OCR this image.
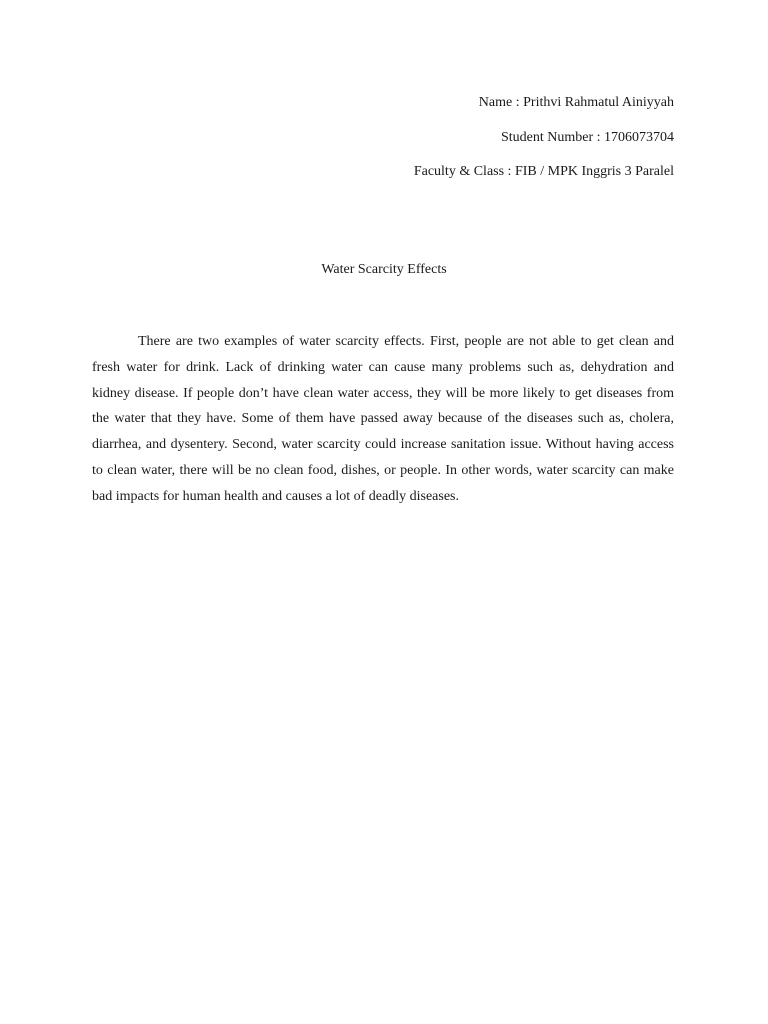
Name : Prithvi Rahmatul Ainiyyah
Student Number : 1706073704
Faculty & Class : FIB / MPK Inggris 3 Paralel
Water Scarcity Effects

There are two examples of water scarcity effects. First, people are not able to get clean and fresh water for drink. Lack of drinking water can cause many problems such as, dehydration and kidney disease. If people don’t have clean water access, they will be more likely to get diseases from the water that they have. Some of them have passed away because of the diseases such as, cholera, diarrhea, and dysentery. Second, water scarcity could increase sanitation issue. Without having access to clean water, there will be no clean food, dishes, or people. In other words, water scarcity can make bad impacts for human health and causes a lot of deadly diseases.
